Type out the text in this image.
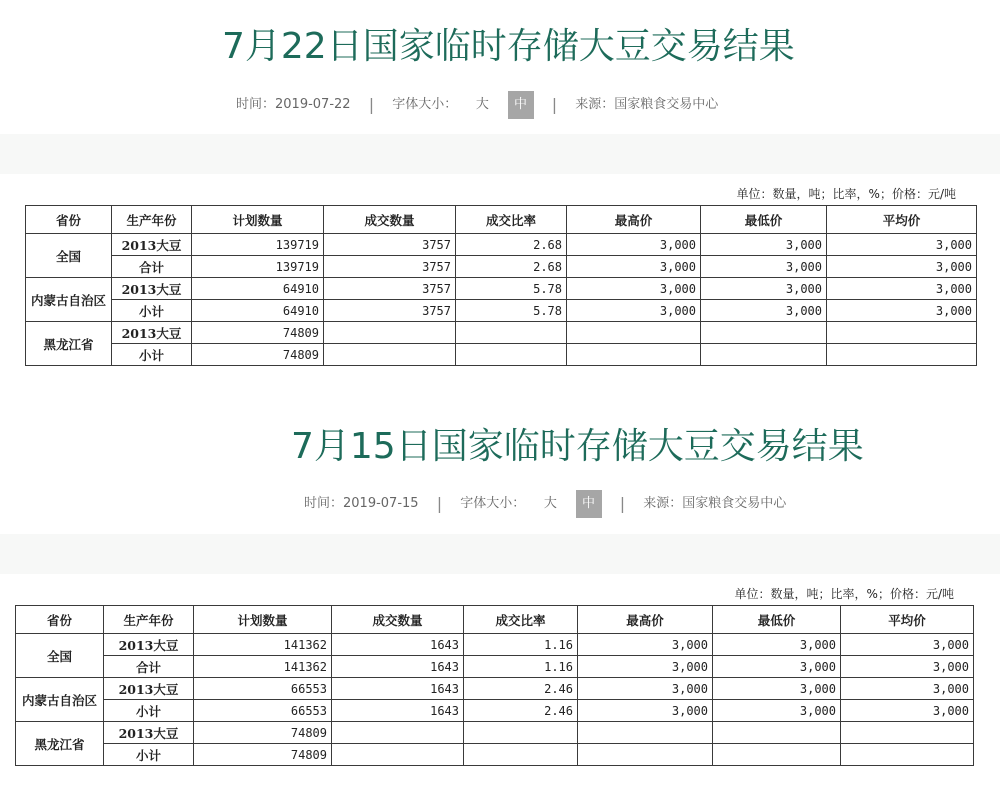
7月22日国家临时存储大豆交易结果
时间：2019-07-22 | 字体大小： 大 中 | 来源：国家粮食交易中心
单位：数量，吨；比率，%；价格：元/吨
省份	生产年份	计划数量	成交数量	成交比率	最高价	最低价	平均价
全国	2013大豆	139719	3757	2.68	3,000	3,000	3,000
	合计	139719	3757	2.68	3,000	3,000	3,000
内蒙古自治区	2013大豆	64910	3757	5.78	3,000	3,000	3,000
	小计	64910	3757	5.78	3,000	3,000	3,000
黑龙江省	2013大豆	74809					
	小计	74809					
7月15日国家临时存储大豆交易结果
时间：2019-07-15 | 字体大小： 大 中 | 来源：国家粮食交易中心
单位：数量，吨；比率，%；价格：元/吨
省份	生产年份	计划数量	成交数量	成交比率	最高价	最低价	平均价
全国	2013大豆	141362	1643	1.16	3,000	3,000	3,000
	合计	141362	1643	1.16	3,000	3,000	3,000
内蒙古自治区	2013大豆	66553	1643	2.46	3,000	3,000	3,000
	小计	66553	1643	2.46	3,000	3,000	3,000
黑龙江省	2013大豆	74809					
	小计	74809					
